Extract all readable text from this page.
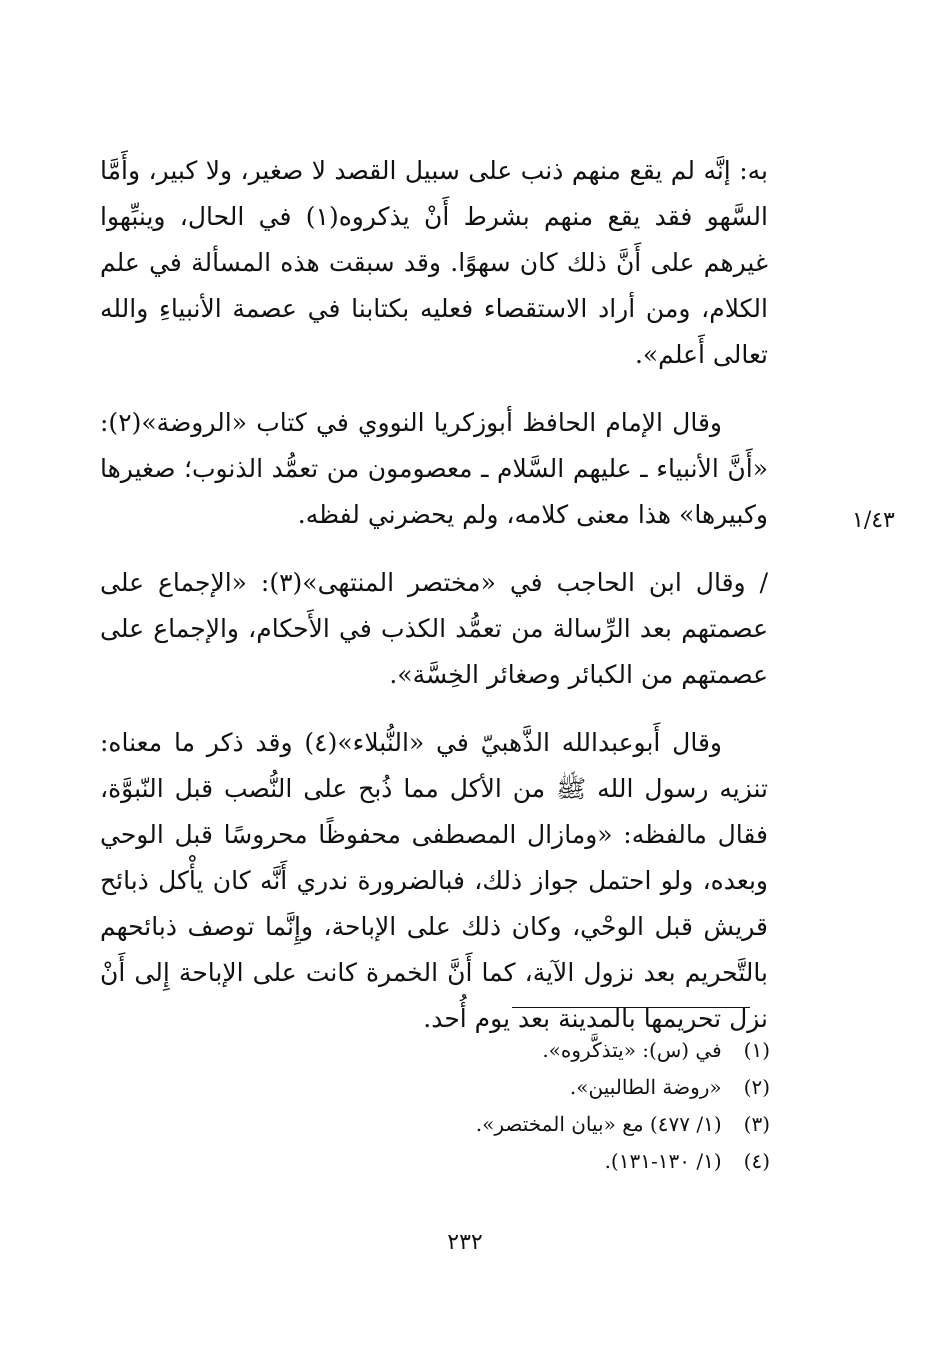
به: إنَّه لم يقع منهم ذنب على سبيل القصد لا صغير، ولا كبير، وأَمَّا السَّهو فقد يقع منهم بشرط أَنْ يذكروه(١) في الحال، وينبِّهوا غيرهم على أَنَّ ذلك كان سهوًا. وقد سبقت هذه المسألة في علم الكلام، ومن أراد الاستقصاء فعليه بكتابنا في عصمة الأنبياءِ والله تعالى أَعلم».

وقال الإمام الحافظ أبوزكريا النووي في كتاب «الروضة»(٢): «أَنَّ الأنبياء ـ عليهم السَّلام ـ معصومون من تعمُّد الذنوب؛ صغيرها وكبيرها» هذا معنى كلامه، ولم يحضرني لفظه.

/ وقال ابن الحاجب في «مختصر المنتهى»(٣): «الإجماع على عصمتهم بعد الرِّسالة من تعمُّد الكذب في الأَحكام، والإجماع على عصمتهم من الكبائر وصغائر الخِسَّة».

وقال أَبوعبدالله الذَّهبيّ في «النُّبلاء»(٤) وقد ذكر ما معناه: تنزيه رسول الله ﷺ من الأكل مما ذُبح على النُّصب قبل النّبوَّة، فقال مالفظه: «ومازال المصطفى محفوظًا محروسًا قبل الوحي وبعده، ولو احتمل جواز ذلك، فبالضرورة ندري أَنَّه كان يأْكل ذبائح قريش قبل الوحْي، وكان ذلك على الإباحة، وإِنَّما توصف ذبائحهم بالتَّحريم بعد نزول الآية، كما أَنَّ الخمرة كانت على الإباحة إِلى أَنْ نزل تحريمها بالمدينة بعد يوم أُحد.

١/٤٣

(١) في (س): «يتذكَّروه».

(٢) «روضة الطالبين».

(٣) (١/ ٤٧٧) مع «بيان المختصر».

(٤) (١/ ١٣٠-١٣١).

٢٣٢
